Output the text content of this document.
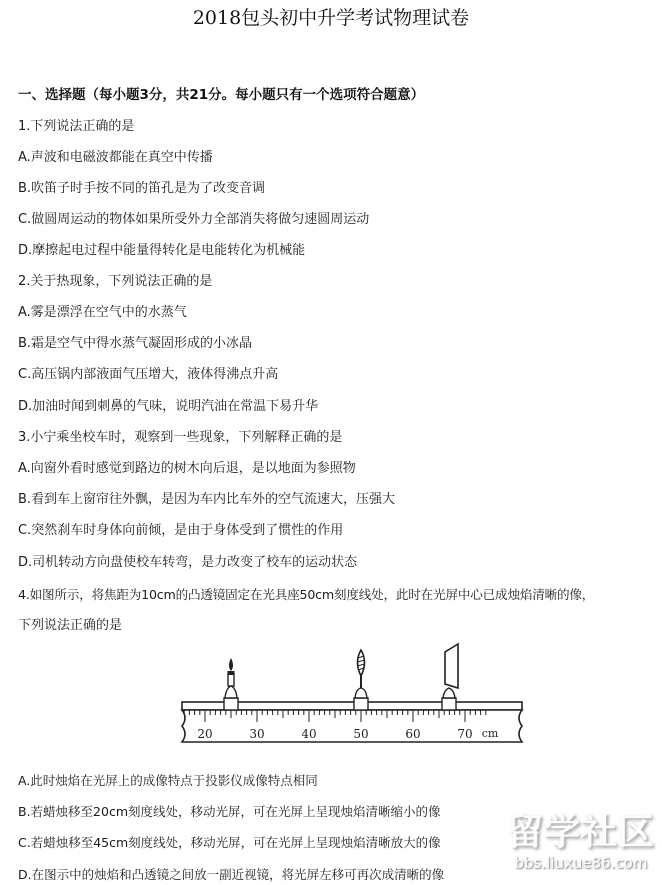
2018包头初中升学考试物理试卷
一、选择题（每小题3分，共21分。每小题只有一个选项符合题意）
1.下列说法正确的是
A.声波和电磁波都能在真空中传播
B.吹笛子时手按不同的笛孔是为了改变音调
C.做圆周运动的物体如果所受外力全部消失将做匀速圆周运动
D.摩擦起电过程中能量得转化是电能转化为机械能
2.关于热现象，下列说法正确的是
A.雾是漂浮在空气中的水蒸气
B.霜是空气中得水蒸气凝固形成的小冰晶
C.高压锅内部液面气压增大，液体得沸点升高
D.加油时闻到刺鼻的气味，说明汽油在常温下易升华
3.小宁乘坐校车时，观察到一些现象，下列解释正确的是
A.向窗外看时感觉到路边的树木向后退，是以地面为参照物
B.看到车上窗帘往外飘，是因为车内比车外的空气流速大，压强大
C.突然刹车时身体向前倾，是由于身体受到了惯性的作用
D.司机转动方向盘使校车转弯，是力改变了校车的运动状态
4.如图所示，将焦距为10cm的凸透镜固定在光具座50cm刻度线处，此时在光屏中心已成烛焰清晰的像，
下列说法正确的是
20	30	40	50	60	70 cm
A.此时烛焰在光屏上的成像特点于投影仪成像特点相同
B.若蜡烛移至20cm刻度线处，移动光屏，可在光屏上呈现烛焰清晰缩小的像
C.若蜡烛移至45cm刻度线处，移动光屏，可在光屏上呈现烛焰清晰放大的像
D.在图示中的烛焰和凸透镜之间放一副近视镜，将光屏左移可再次成清晰的像
留学社区
bbs.liuxue86.com
